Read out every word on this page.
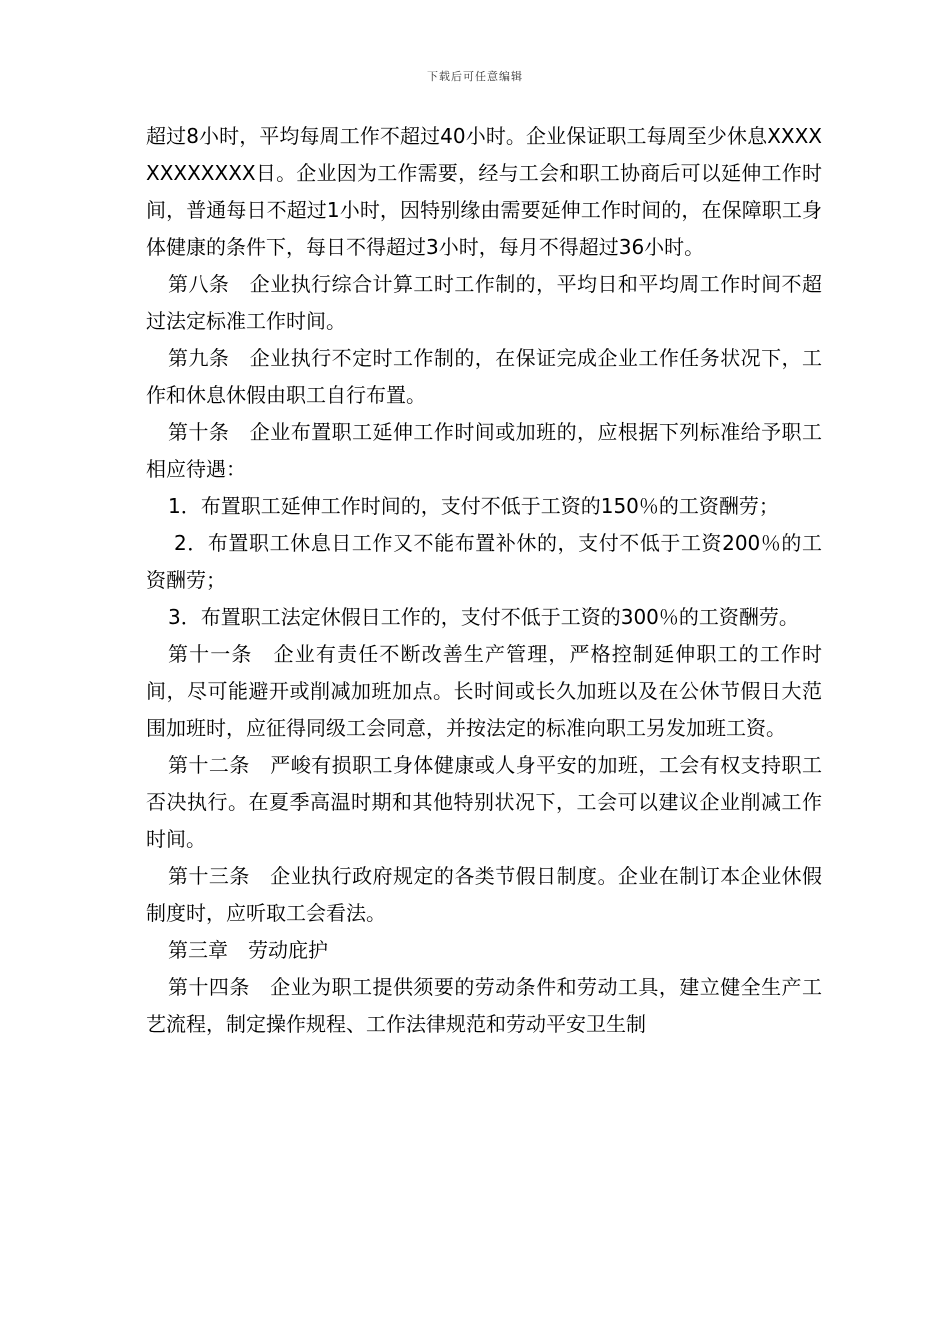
下载后可任意编辑

超过8小时，平均每周工作不超过40小时。企业保证职工每周至少休息XXXXXXXXXXXX日。企业因为工作需要，经与工会和职工协商后可以延伸工作时间，普通每日不超过1小时，因特别缘由需要延伸工作时间的，在保障职工身体健康的条件下，每日不得超过3小时，每月不得超过36小时。

第八条　企业执行综合计算工时工作制的，平均日和平均周工作时间不超过法定标准工作时间。

第九条　企业执行不定时工作制的，在保证完成企业工作任务状况下，工作和休息休假由职工自行布置。

第十条　企业布置职工延伸工作时间或加班的，应根据下列标准给予职工相应待遇：

1．布置职工延伸工作时间的，支付不低于工资的150％的工资酬劳；

2．布置职工休息日工作又不能布置补休的，支付不低于工资200％的工资酬劳；

3．布置职工法定休假日工作的，支付不低于工资的300％的工资酬劳。

第十一条　企业有责任不断改善生产管理，严格控制延伸职工的工作时间，尽可能避开或削减加班加点。长时间或长久加班以及在公休节假日大范围加班时，应征得同级工会同意，并按法定的标准向职工另发加班工资。

第十二条　严峻有损职工身体健康或人身平安的加班，工会有权支持职工否决执行。在夏季高温时期和其他特别状况下，工会可以建议企业削减工作时间。

第十三条　企业执行政府规定的各类节假日制度。企业在制订本企业休假制度时，应听取工会看法。

第三章　劳动庇护

第十四条　企业为职工提供须要的劳动条件和劳动工具，建立健全生产工艺流程，制定操作规程、工作法律规范和劳动平安卫生制
